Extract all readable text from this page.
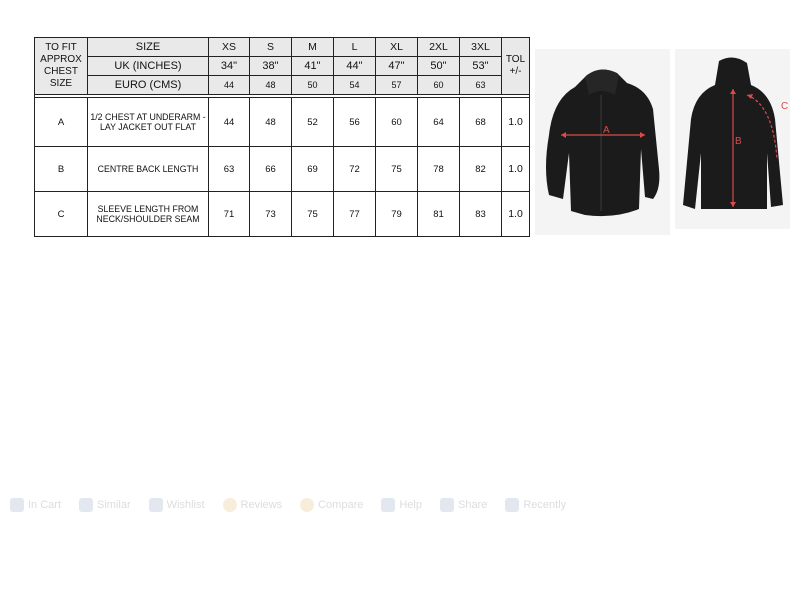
TO FIT APPROX CHEST SIZE	SIZE	XS	S	M	L	XL	2XL	3XL	TOL +/-
	UK (INCHES)	34"	38"	41"	44"	47"	50"	53"	
	EURO (CMS)	44	48	50	54	57	60	63	

A	1/2 CHEST AT UNDERARM - LAY JACKET OUT FLAT	44	48	52	56	60	64	68	1.0
B	CENTRE BACK LENGTH	63	66	69	72	75	78	82	1.0
C	SLEEVE LENGTH FROM NECK/SHOULDER SEAM	71	73	75	77	79	81	83	1.0
A
B
C
In Cart	Similar	Wishlist	Reviews	Compare	Help	Share	Recently
